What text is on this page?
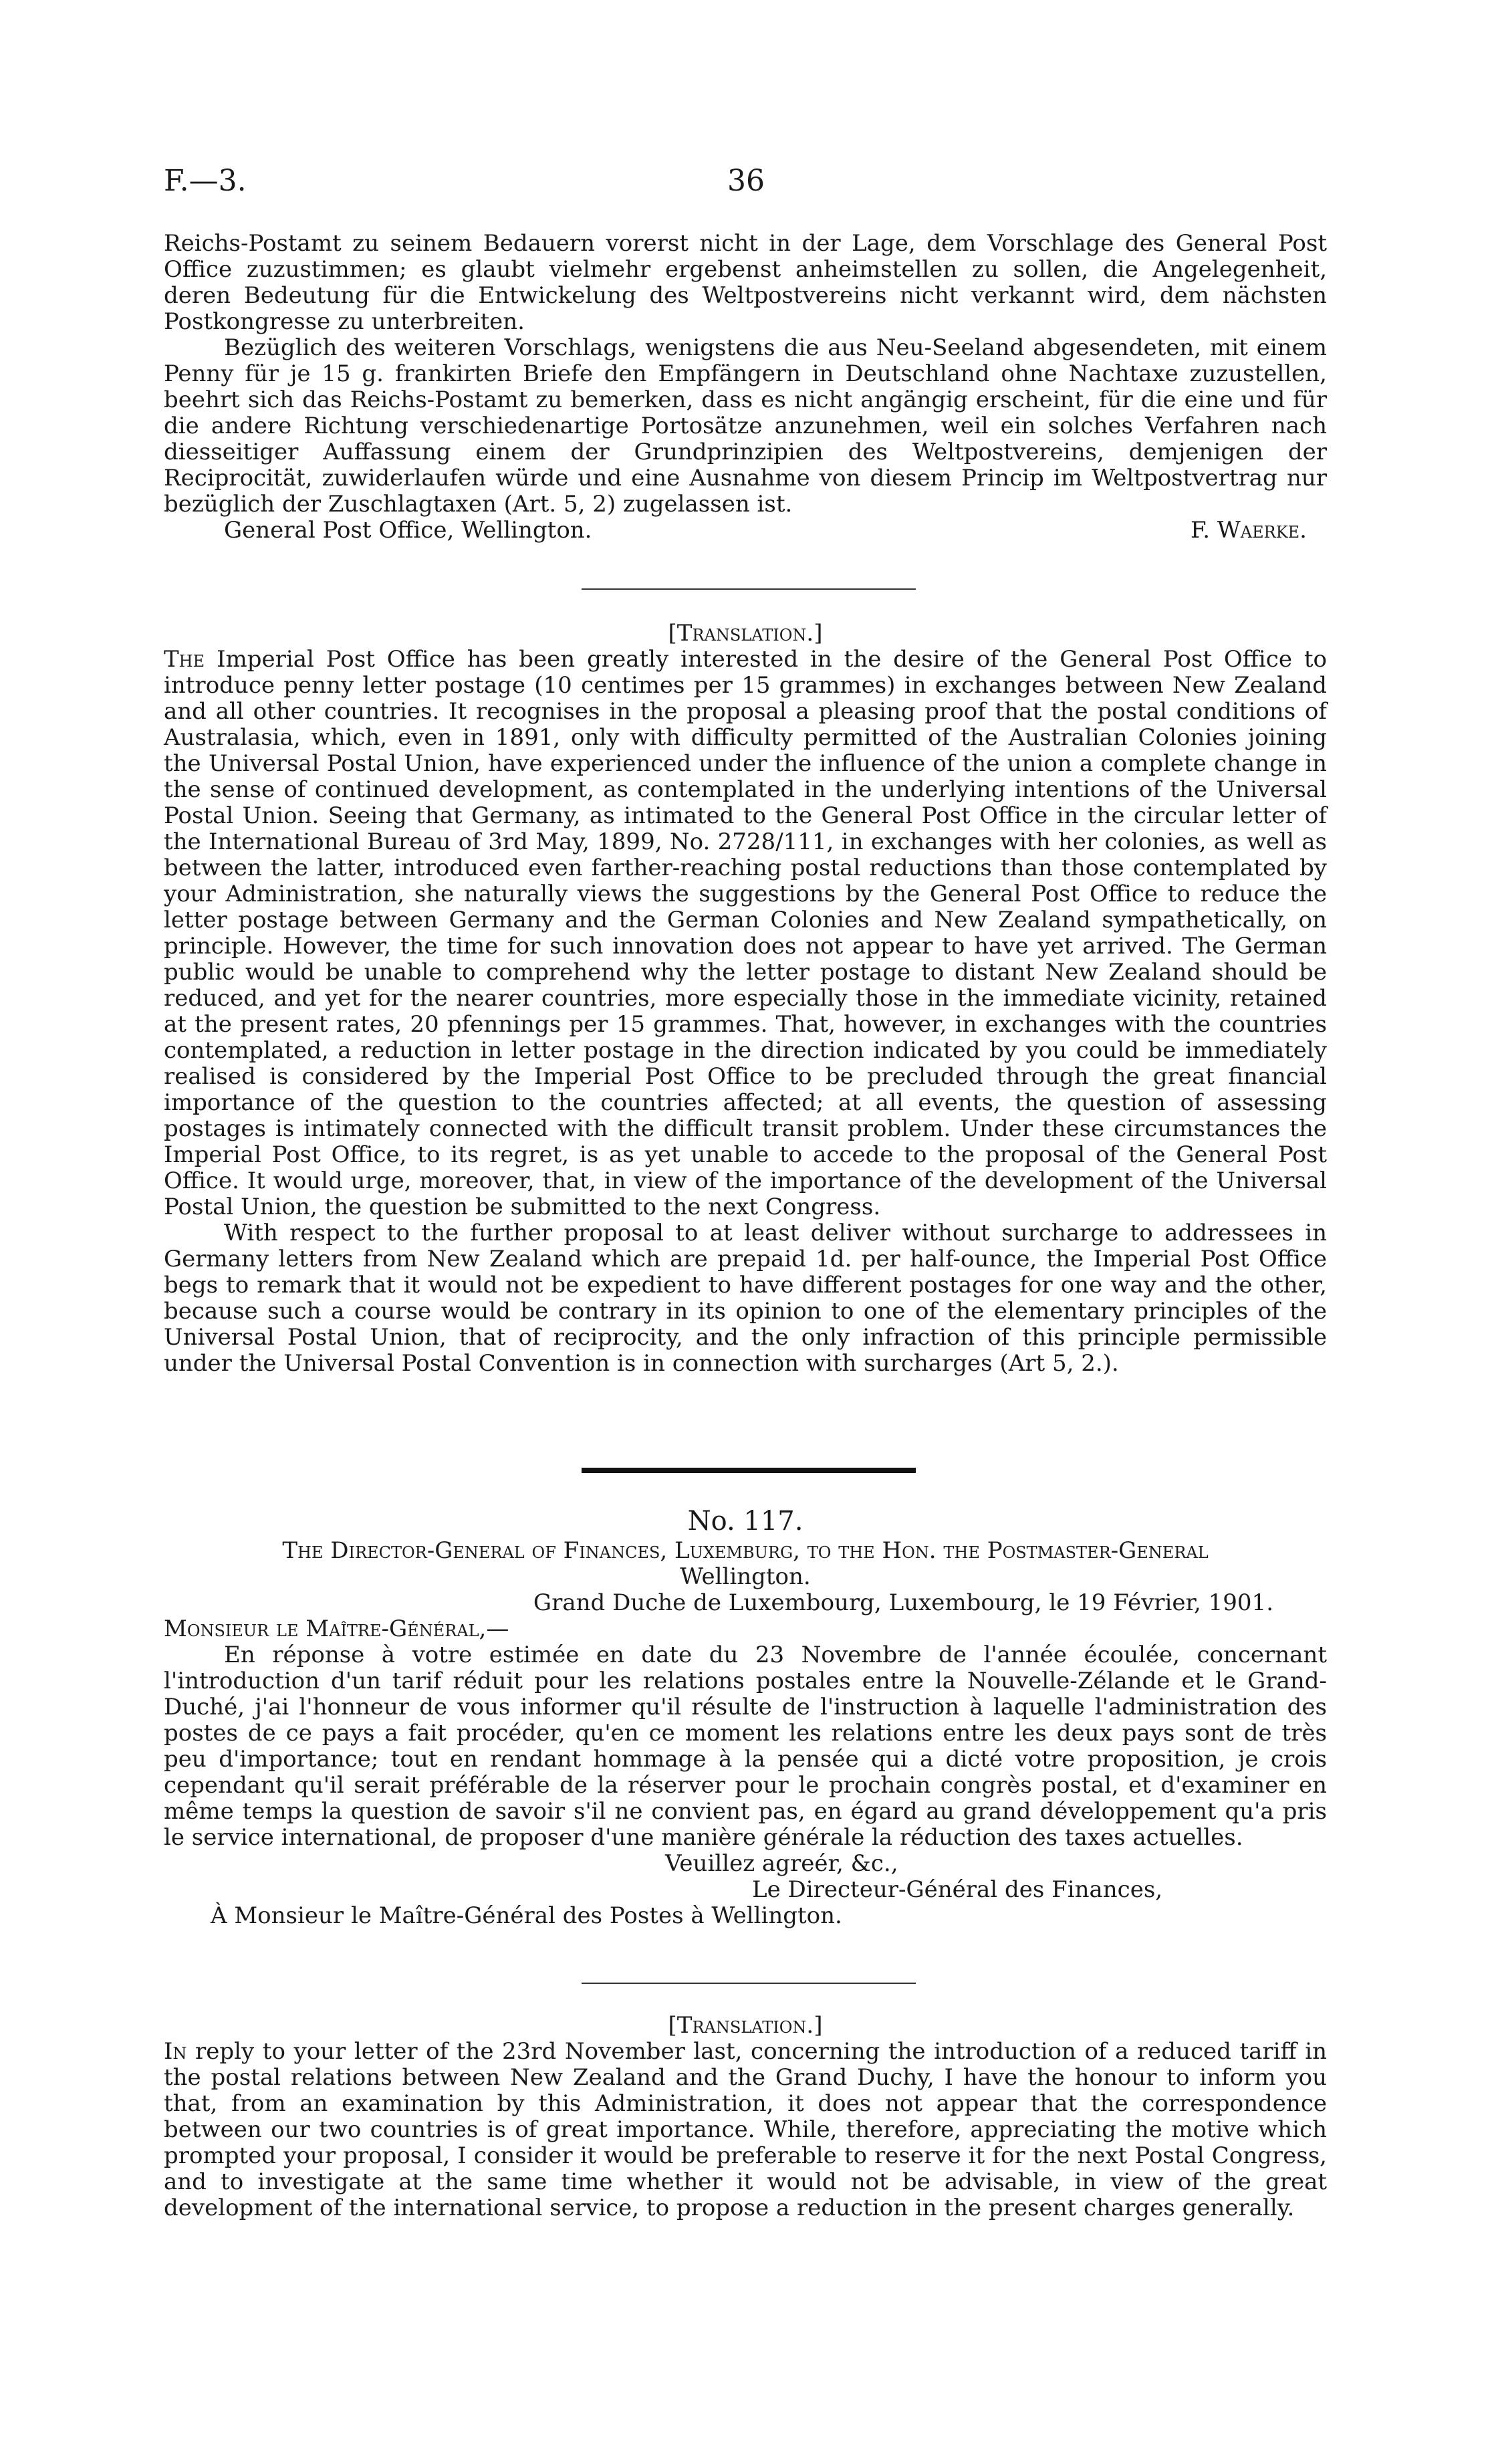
F.—3.	36

Reichs-Postamt zu seinem Bedauern vorerst nicht in der Lage, dem Vorschlage des General Post Office zuzustimmen; es glaubt vielmehr ergebenst anheimstellen zu sollen, die Angelegenheit, deren Bedeutung für die Entwickelung des Weltpostvereins nicht verkannt wird, dem nächsten Postkongresse zu unterbreiten.

Bezüglich des weiteren Vorschlags, wenigstens die aus Neu-Seeland abgesendeten, mit einem Penny für je 15 g. frankirten Briefe den Empfängern in Deutschland ohne Nachtaxe zuzustellen, beehrt sich das Reichs-Postamt zu bemerken, dass es nicht angängig erscheint, für die eine und für die andere Richtung verschiedenartige Portosätze anzunehmen, weil ein solches Verfahren nach diesseitiger Auffassung einem der Grundprinzipien des Weltpostvereins, demjenigen der Reciprocität, zuwiderlaufen würde und eine Ausnahme von diesem Princip im Weltpostvertrag nur bezüglich der Zuschlagtaxen (Art. 5, 2) zugelassen ist.

General Post Office, Wellington.	F. Waerke.

[Translation.]

The Imperial Post Office has been greatly interested in the desire of the General Post Office to introduce penny letter postage (10 centimes per 15 grammes) in exchanges between New Zealand and all other countries. It recognises in the proposal a pleasing proof that the postal conditions of Australasia, which, even in 1891, only with difficulty permitted of the Australian Colonies joining the Universal Postal Union, have experienced under the influence of the union a complete change in the sense of continued development, as contemplated in the underlying intentions of the Universal Postal Union. Seeing that Germany, as intimated to the General Post Office in the circular letter of the International Bureau of 3rd May, 1899, No. 2728/111, in exchanges with her colonies, as well as between the latter, introduced even farther-reaching postal reductions than those contemplated by your Administration, she naturally views the suggestions by the General Post Office to reduce the letter postage between Germany and the German Colonies and New Zealand sympathetically, on principle. However, the time for such innovation does not appear to have yet arrived. The German public would be unable to comprehend why the letter postage to distant New Zealand should be reduced, and yet for the nearer countries, more especially those in the immediate vicinity, retained at the present rates, 20 pfennings per 15 grammes. That, however, in exchanges with the countries contemplated, a reduction in letter postage in the direction indicated by you could be immediately realised is considered by the Imperial Post Office to be precluded through the great financial importance of the question to the countries affected; at all events, the question of assessing postages is intimately connected with the difficult transit problem. Under these circumstances the Imperial Post Office, to its regret, is as yet unable to accede to the proposal of the General Post Office. It would urge, moreover, that, in view of the importance of the development of the Universal Postal Union, the question be submitted to the next Congress.

With respect to the further proposal to at least deliver without surcharge to addressees in Germany letters from New Zealand which are prepaid 1d. per half-ounce, the Imperial Post Office begs to remark that it would not be expedient to have different postages for one way and the other, because such a course would be contrary in its opinion to one of the elementary principles of the Universal Postal Union, that of reciprocity, and the only infraction of this principle permissible under the Universal Postal Convention is in connection with surcharges (Art 5, 2.).

No. 117.

The Director-General of Finances, Luxemburg, to the Hon. the Postmaster-General

Wellington.

Grand Duche de Luxembourg, Luxembourg, le 19 Février, 1901.

Monsieur le Maître-Général,—

En réponse à votre estimée en date du 23 Novembre de l'année écoulée, concernant l'introduction d'un tarif réduit pour les relations postales entre la Nouvelle-Zélande et le Grand-Duché, j'ai l'honneur de vous informer qu'il résulte de l'instruction à laquelle l'administration des postes de ce pays a fait procéder, qu'en ce moment les relations entre les deux pays sont de très peu d'importance; tout en rendant hommage à la pensée qui a dicté votre proposition, je crois cependant qu'il serait préférable de la réserver pour le prochain congrès postal, et d'examiner en même temps la question de savoir s'il ne convient pas, en égard au grand développement qu'a pris le service international, de proposer d'une manière générale la réduction des taxes actuelles.

Veuillez agreér, &c.,

Le Directeur-Général des Finances,

À Monsieur le Maître-Général des Postes à Wellington.

[Translation.]

In reply to your letter of the 23rd November last, concerning the introduction of a reduced tariff in the postal relations between New Zealand and the Grand Duchy, I have the honour to inform you that, from an examination by this Administration, it does not appear that the correspondence between our two countries is of great importance. While, therefore, appreciating the motive which prompted your proposal, I consider it would be preferable to reserve it for the next Postal Congress, and to investigate at the same time whether it would not be advisable, in view of the great development of the international service, to propose a reduction in the present charges generally.
